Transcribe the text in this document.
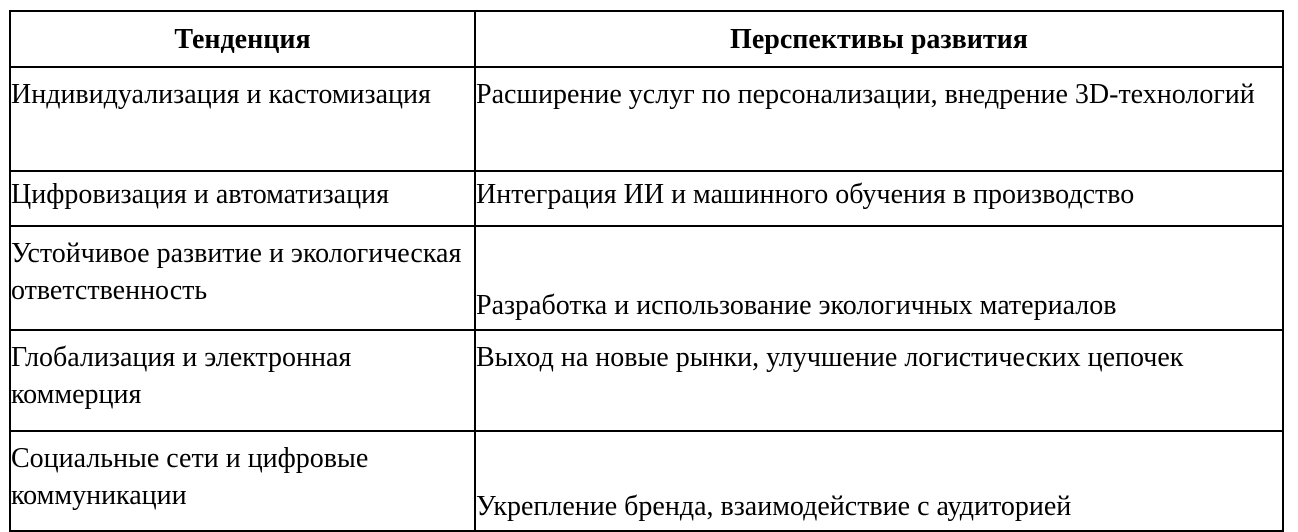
Тенденция	Перспективы развития

Индивидуализация и кастомизация	Расширение услуг по персонализации, внедрение 3D-технологий

Цифровизация и автоматизация	Интеграция ИИ и машинного обучения в производство

Устойчивое развитие и экологическая ответственность	Разработка и использование экологичных материалов

Глобализация и электронная коммерция	Выход на новые рынки, улучшение логистических цепочек

Социальные сети и цифровые коммуникации	Укрепление бренда, взаимодействие с аудиторией
